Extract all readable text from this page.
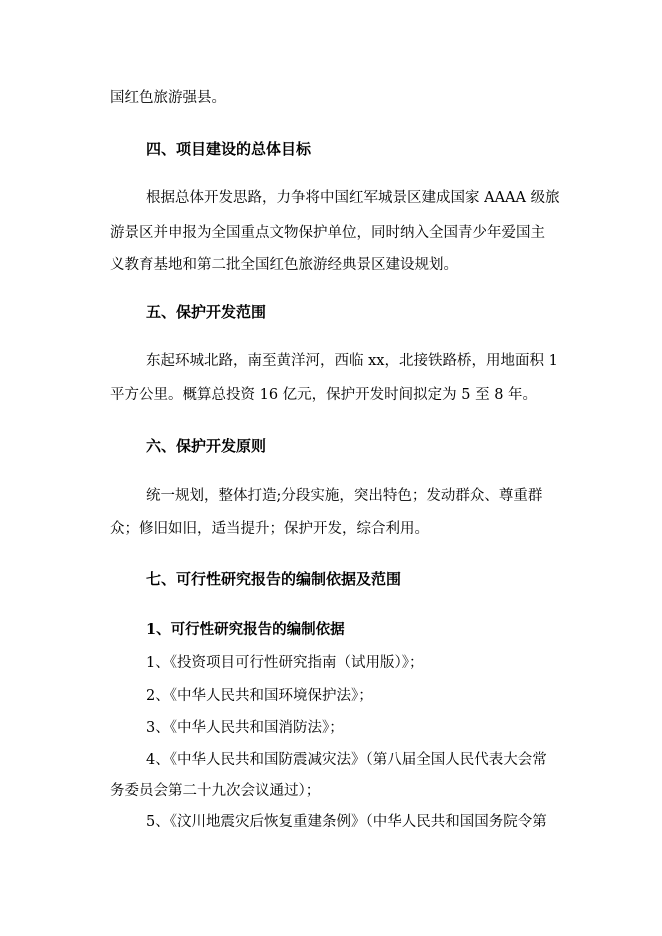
国红色旅游强县。
四、项目建设的总体目标
根据总体开发思路，力争将中国红军城景区建成国家 AAAA 级旅
游景区并申报为全国重点文物保护单位，同时纳入全国青少年爱国主
义教育基地和第二批全国红色旅游经典景区建设规划。
五、保护开发范围
东起环城北路，南至黄洋河，西临 xx，北接铁路桥，用地面积 1
平方公里。概算总投资 16 亿元，保护开发时间拟定为 5 至 8 年。
六、保护开发原则
统一规划，整体打造;分段实施，突出特色；发动群众、尊重群
众；修旧如旧，适当提升；保护开发，综合利用。
七、可行性研究报告的编制依据及范围
1、可行性研究报告的编制依据
1、《投资项目可行性研究指南（试用版）》；
2、《中华人民共和国环境保护法》；
3、《中华人民共和国消防法》；
4、《中华人民共和国防震减灾法》（第八届全国人民代表大会常
务委员会第二十九次会议通过）；
5、《汶川地震灾后恢复重建条例》（中华人民共和国国务院令第
